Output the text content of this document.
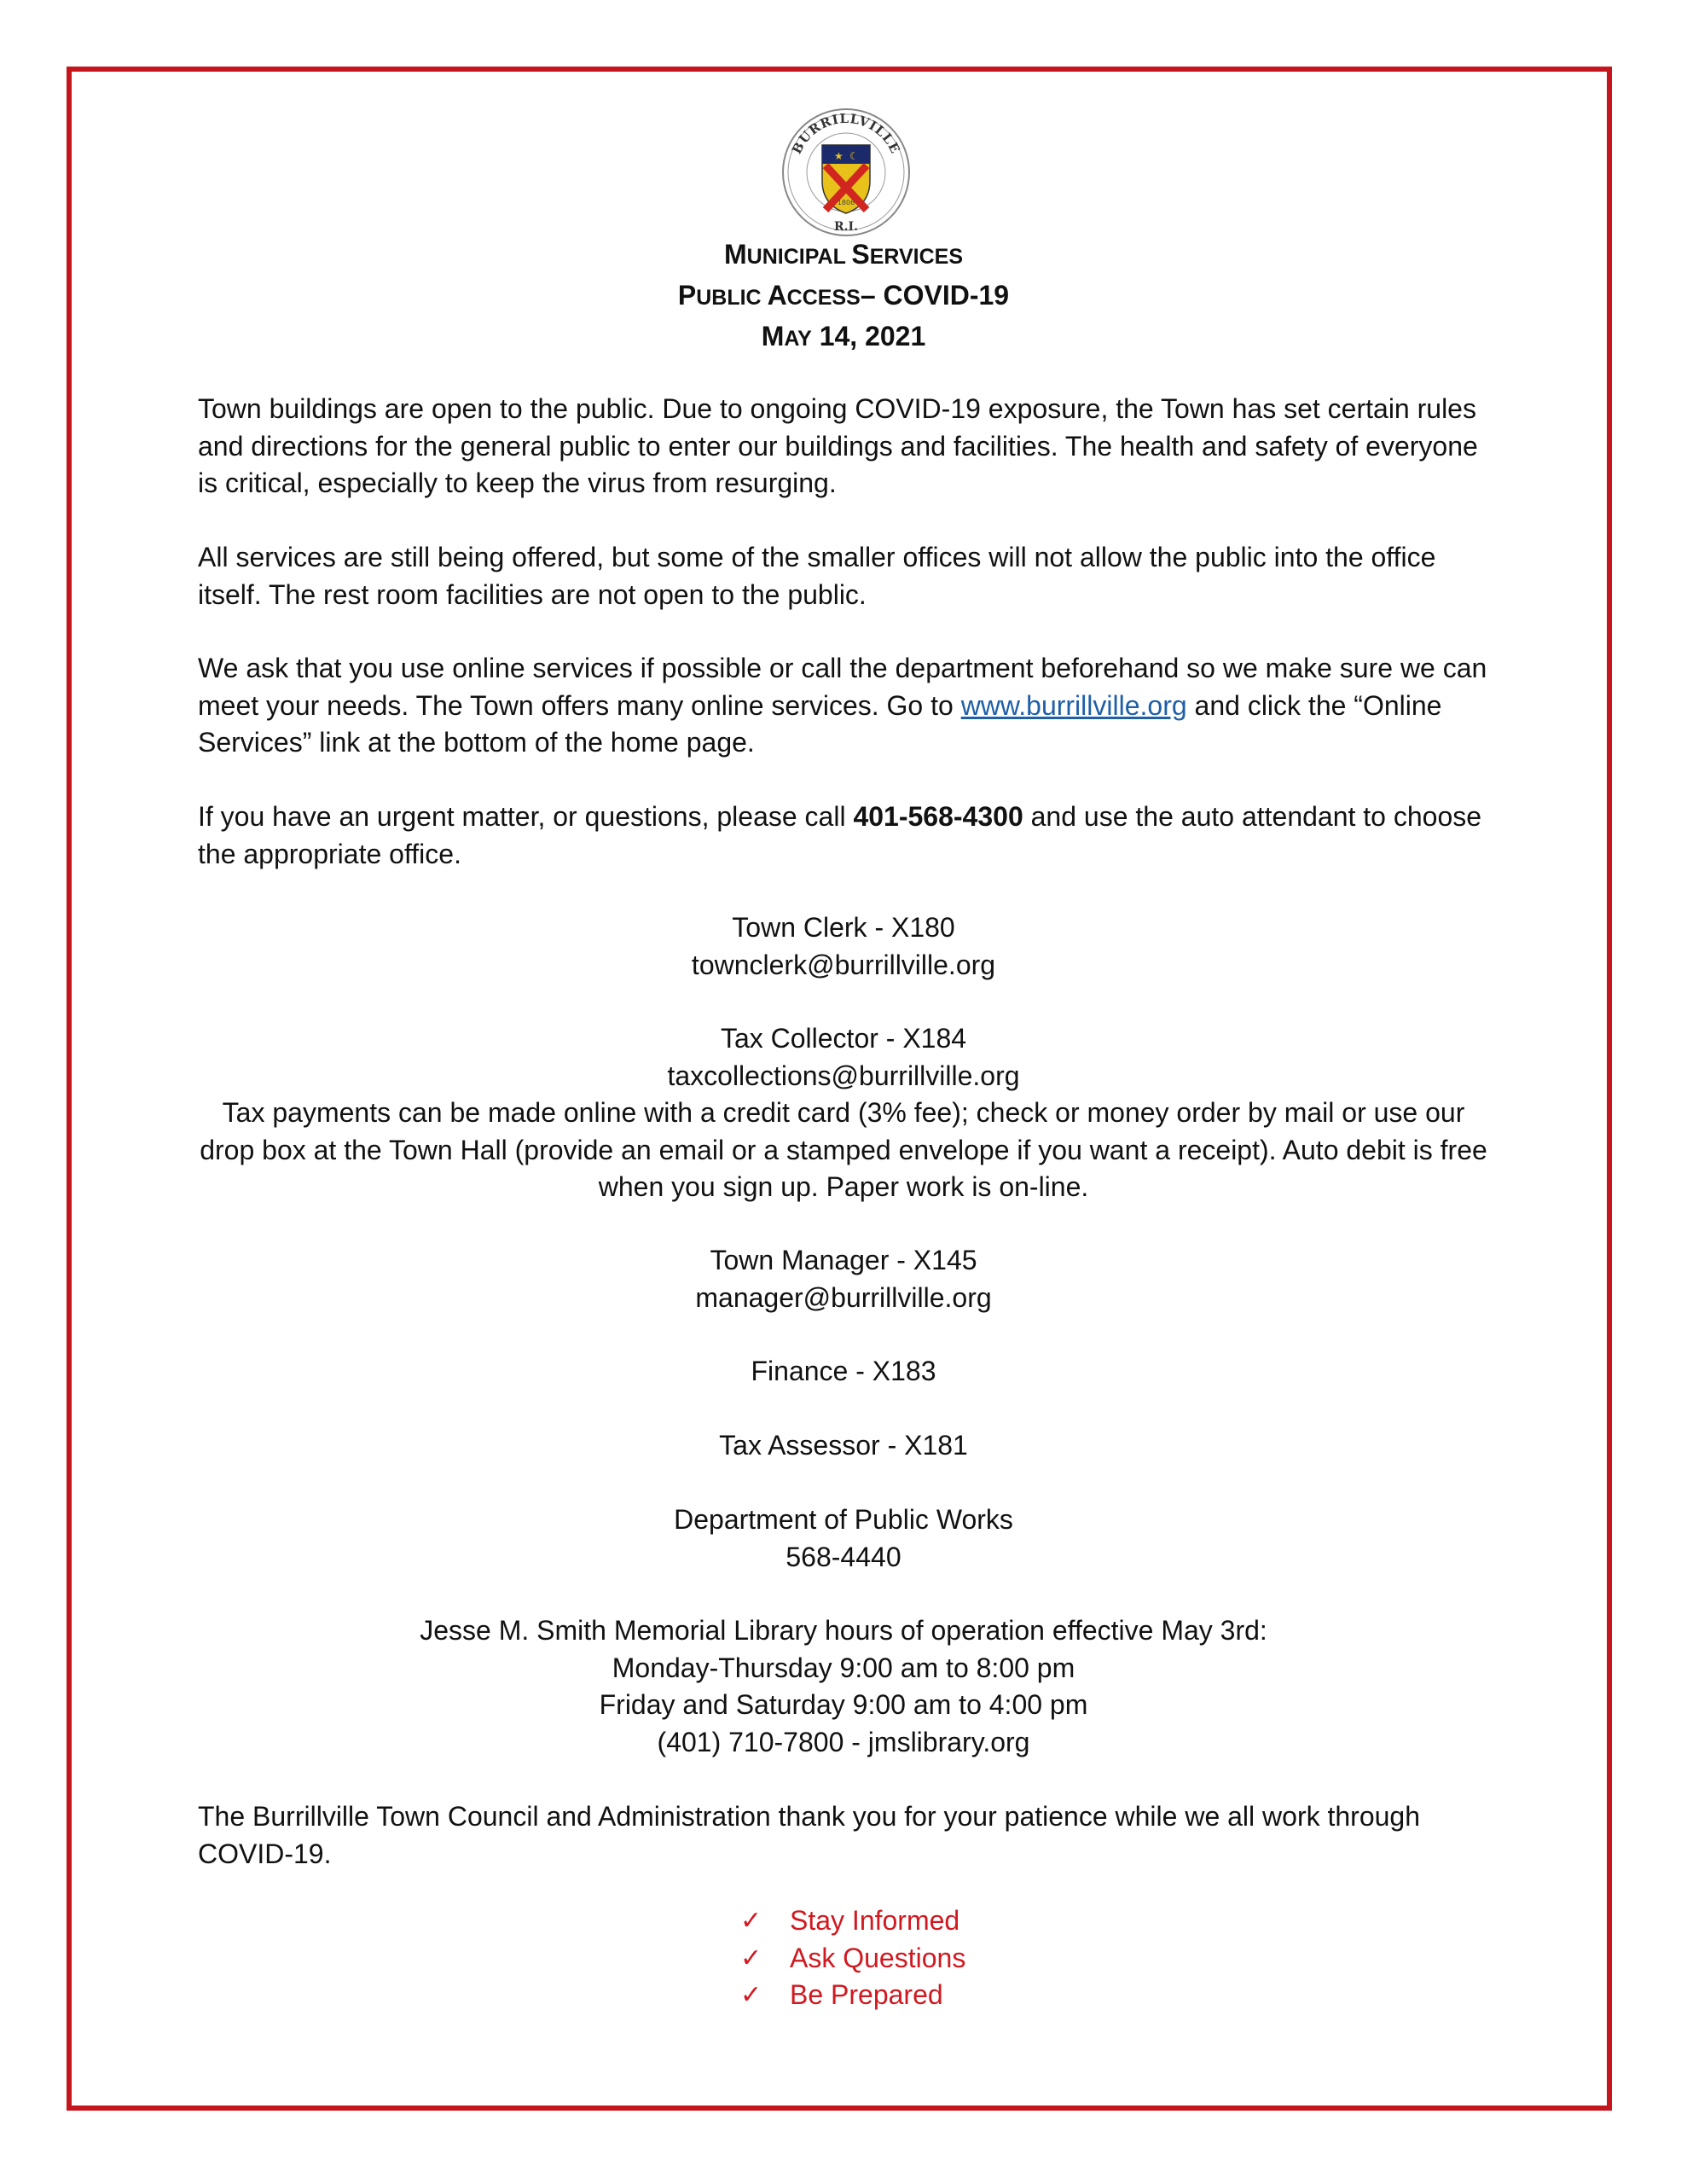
BURRILLVILLE
★ ☾
1806
R.I.
MUNICIPAL SERVICES
PUBLIC ACCESS– COVID-19
MAY 14, 2021
Town buildings are open to the public. Due to ongoing COVID-19 exposure, the Town has set certain rules and directions for the general public to enter our buildings and facilities. The health and safety of everyone is critical, especially to keep the virus from resurging.
All services are still being offered, but some of the smaller offices will not allow the public into the office itself. The rest room facilities are not open to the public.
We ask that you use online services if possible or call the department beforehand so we make sure we can meet your needs. The Town offers many online services. Go to www.burrillville.org and click the “Online Services” link at the bottom of the home page.
If you have an urgent matter, or questions, please call 401-568-4300 and use the auto attendant to choose the appropriate office.
Town Clerk - X180
townclerk@burrillville.org
Tax Collector - X184
taxcollections@burrillville.org
Tax payments can be made online with a credit card (3% fee); check or money order by mail or use our drop box at the Town Hall (provide an email or a stamped envelope if you want a receipt). Auto debit is free when you sign up. Paper work is on-line.
Town Manager - X145
manager@burrillville.org
Finance - X183
Tax Assessor - X181
Department of Public Works
568-4440
Jesse M. Smith Memorial Library hours of operation effective May 3rd:
Monday-Thursday 9:00 am to 8:00 pm
Friday and Saturday 9:00 am to 4:00 pm
(401) 710-7800 - jmslibrary.org
The Burrillville Town Council and Administration thank you for your patience while we all work through COVID-19.
✓	Stay Informed
✓	Ask Questions
✓	Be Prepared
